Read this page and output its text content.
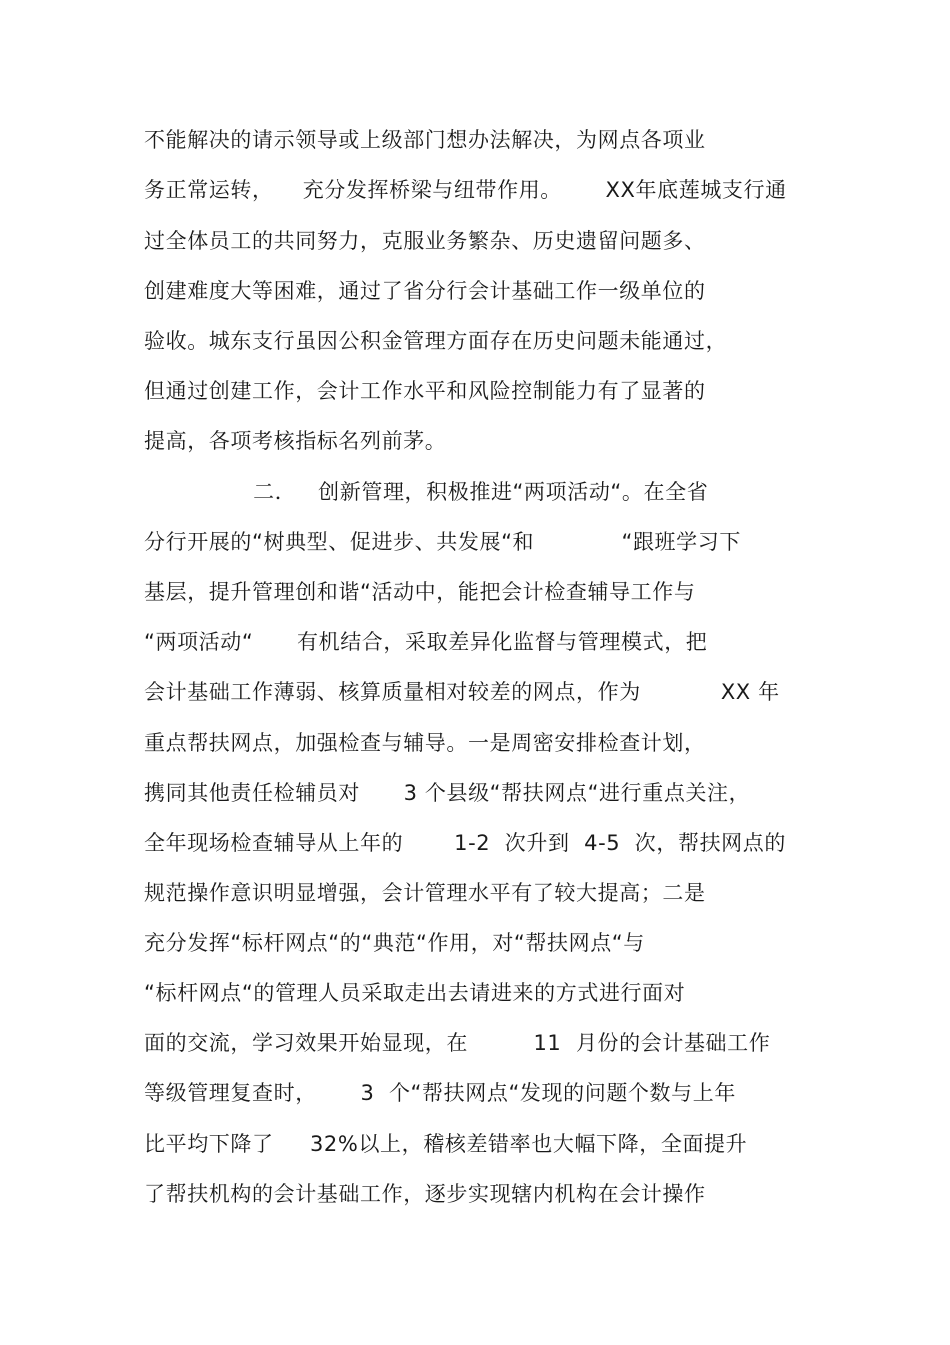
不能解决的请示领导或上级部门想办法解决，为网点各项业
务正常运转，    充分发挥桥梁与纽带作用。      XX年底莲城支行通
过全体员工的共同努力，克服业务繁杂、历史遗留问题多、
创建难度大等困难，通过了省分行会计基础工作一级单位的
验收。城东支行虽因公积金管理方面存在历史问题未能通过，
但通过创建工作，会计工作水平和风险控制能力有了显著的
提高，各项考核指标名列前茅。
二．   创新管理，积极推进“两项活动“。在全省
分行开展的“树典型、促进步、共发展“和            “跟班学习下
基层，提升管理创和谐“活动中，能把会计检查辅导工作与
“两项活动“      有机结合，采取差异化监督与管理模式，把
会计基础工作薄弱、核算质量相对较差的网点，作为           XX 年
重点帮扶网点，加强检查与辅导。一是周密安排检查计划，
携同其他责任检辅员对      3 个县级“帮扶网点“进行重点关注，
全年现场检查辅导从上年的       1-2  次升到  4-5  次，帮扶网点的
规范操作意识明显增强，会计管理水平有了较大提高；二是
充分发挥“标杆网点“的“典范“作用，对“帮扶网点“与
“标杆网点“的管理人员采取走出去请进来的方式进行面对
面的交流，学习效果开始显现，在         11  月份的会计基础工作
等级管理复查时，      3  个“帮扶网点“发现的问题个数与上年
比平均下降了     32%以上，稽核差错率也大幅下降，全面提升
了帮扶机构的会计基础工作，逐步实现辖内机构在会计操作
